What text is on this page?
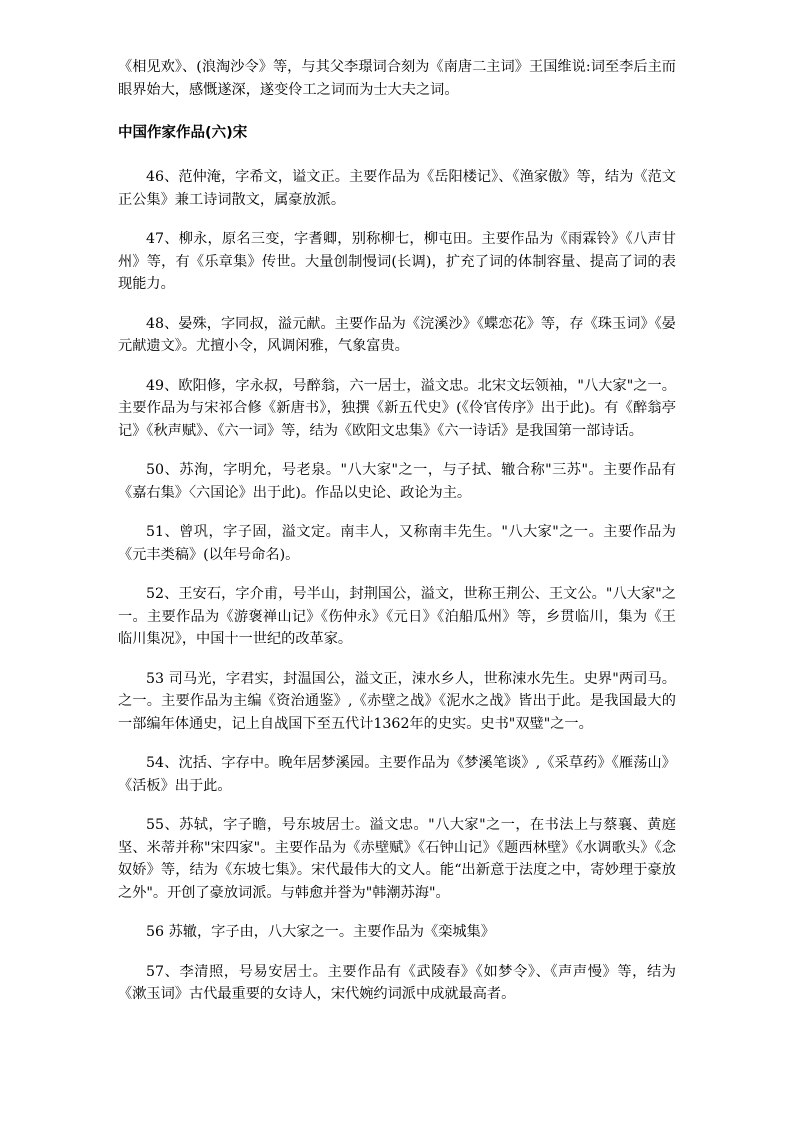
《相见欢》、(浪淘沙令》等，与其父李璟词合刻为《南唐二主词》王国维说:词至李后主而眼界始大，感慨遂深，遂变伶工之词而为士大夫之词。

中国作家作品(六)宋

46、范仲淹，字希文，谥文正。主要作品为《岳阳楼记》、《渔家傲》等，结为《范文正公集》兼工诗词散文，属豪放派。

47、柳永，原名三变，字耆卿，别称柳七，柳屯田。主要作品为《雨霖铃》《八声甘州》等，有《乐章集》传世。大量创制慢词(长调)，扩充了词的体制容量、提高了词的表现能力。

48、晏殊，字同叔，溢元献。主要作品为《浣溪沙》《蝶恋花》等，存《珠玉词》《晏元献遗文》。尤擅小令，风调闲雅，气象富贵。

49、欧阳修，字永叔，号醉翁，六一居士，溢文忠。北宋文坛领袖，"八大家"之一。主要作品为与宋祁合修《新唐书》，独撰《新五代史》(《伶官传序》出于此)。有《醉翁亭记》《秋声赋》、《六一词》等，结为《欧阳文忠集》《六一诗话》是我国第一部诗话。

50、苏洵，字明允，号老泉。"八大家"之一，与子拭、辙合称"三苏"。主要作品有《嘉右集》〈六国论》出于此)。作品以史论、政论为主。

51、曾巩，字子固，溢文定。南丰人，又称南丰先生。"八大家"之一。主要作品为《元丰类稿》(以年号命名)。

52、王安石，字介甫，号半山，封荆国公，溢文，世称王荆公、王文公。"八大家"之一。主要作品为《游褒禅山记》《伤仲永》《元日》《泊船瓜州》等，乡贯临川，集为《王临川集况》，中国十一世纪的改革家。

53 司马光，字君实，封温国公，溢文正，涑水乡人，世称涑水先生。史界"两司马。之一。主要作品为主编《资治通鉴》,《赤壁之战》《泥水之战》皆出于此。是我国最大的一部编年体通史，记上自战国下至五代计1362年的史实。史书"双璧"之一。

54、沈括、字存中。晚年居梦溪园。主要作品为《梦溪笔谈》,《采草药》《雁荡山》《活板》出于此。

55、苏轼，字子瞻，号东坡居士。溢文忠。"八大家"之一，在书法上与蔡襄、黄庭坚、米蒂并称"宋四家"。主要作品为《赤壁赋》《石钟山记》《题西林壁》《水调歌头》《念奴娇》等，结为《东坡七集》。宋代最伟大的文人。能“出新意于法度之中，寄妙理于豪放之外"。开创了豪放词派。与韩愈并誉为"韩潮苏海"。

56 苏辙，字子由，八大家之一。主要作品为《栾城集》

57、李清照，号易安居士。主要作品有《武陵春》《如梦令》、《声声慢》等，结为《漱玉词》古代最重要的女诗人，宋代婉约词派中成就最高者。
